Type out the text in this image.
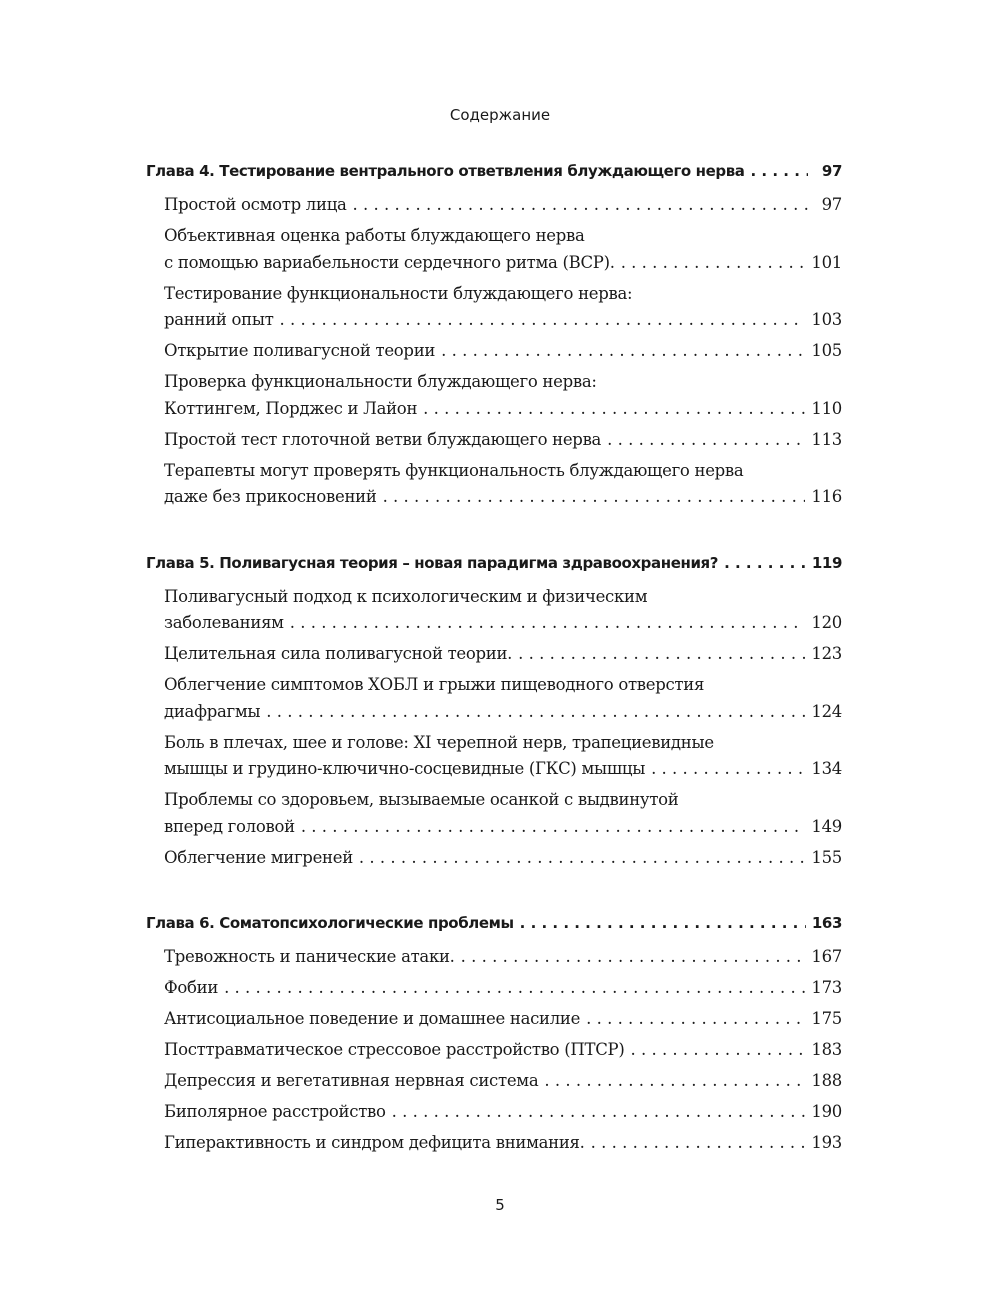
Содержание
Глава 4. Тестирование вентрального ответвления блуждающего нерва . . .	97
Простой осмотр лица . . .	97
Объективная оценка работы блуждающего нерва
с помощью вариабельности сердечного ритма (ВСР). . . .	101
Тестирование функциональности блуждающего нерва:
ранний опыт . . .	103
Открытие поливагусной теории . . .	105
Проверка функциональности блуждающего нерва:
Коттингем, Порджес и Лайон . . .	110
Простой тест глоточной ветви блуждающего нерва . . .	113
Терапевты могут проверять функциональность блуждающего нерва
даже без прикосновений . . .	116
Глава 5. Поливагусная теория – новая парадигма здравоохранения? . . .	119
Поливагусный подход к психологическим и физическим
заболеваниям . . .	120
Целительная сила поливагусной теории. . . .	123
Облегчение симптомов ХОБЛ и грыжи пищеводного отверстия
диафрагмы . . .	124
Боль в плечах, шее и голове: XI черепной нерв, трапециевидные
мышцы и грудино-ключично-сосцевидные (ГКС) мышцы . . .	134
Проблемы со здоровьем, вызываемые осанкой с выдвинутой
вперед головой . . .	149
Облегчение мигреней . . .	155
Глава 6. Соматопсихологические проблемы . . .	163
Тревожность и панические атаки. . . .	167
Фобии . . .	173
Антисоциальное поведение и домашнее насилие . . .	175
Посттравматическое стрессовое расстройство (ПТСР) . . .	183
Депрессия и вегетативная нервная система . . .	188
Биполярное расстройство . . .	190
Гиперактивность и синдром дефицита внимания. . . .	193
5
